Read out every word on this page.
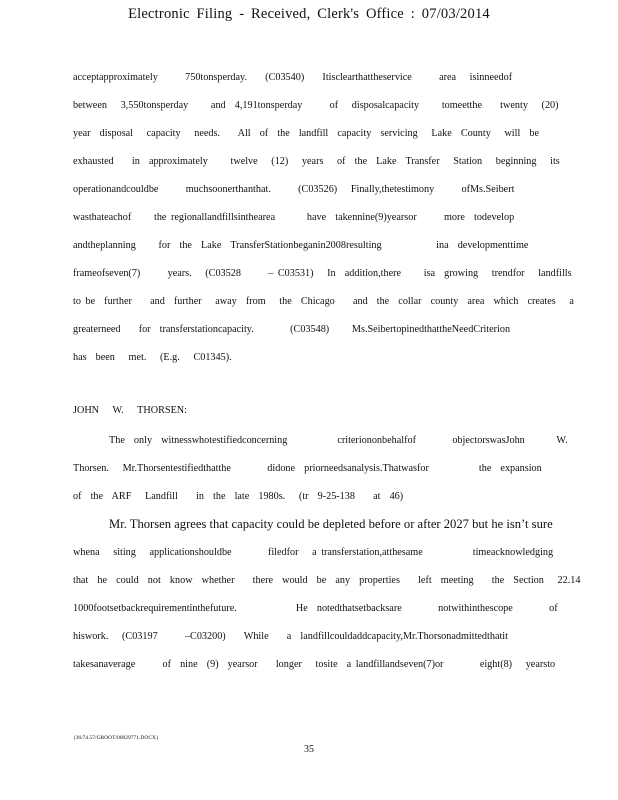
Electronic Filing - Received, Clerk's Office : 07/03/2014
acceptapproximately      750tonsperday.    (C03540)    Itisclearthattheservice      area   isinneedof
between   3,550tonsperday     and  4,191tonsperday      of   disposalcapacity     tomeetthe    twenty   (20)
year  disposal   capacity   needs.    All  of  the  landfill  capacity  servicing   Lake  County   will  be
exhausted    in  approximately     twelve   (12)   years   of  the  Lake  Transfer   Station   beginning   its
operationandcouldbe      muchsoonerthanthat.      (C03526)   Finally,thetestimony      ofMs.Seibert
wasthateachof     the regionallandfillsinthearea       have  takennine(9)yearsor      more  todevelop
andtheplanning     for  the  Lake  TransferStationbeganin2008resulting            ina  developmenttime
frameofseven(7)      years.   (C03528      – C03531)   In  addition,there     isa  growing   trendfor   landfills
to be  further    and  further   away  from   the  Chicago    and  the  collar  county  area  which  creates   a
greaterneed    for  transferstationcapacity.        (C03548)     Ms.SeibertopinedthattheNeedCriterion
has  been   met.   (E.g.   C01345).
JOHN   W.   THORSEN:
The  only  witnesswhotestifiedconcerning           criteriononbehalfof        objectorswasJohn       W.
Thorsen.   Mr.Thorsentestifiedthatthe        didone  priorneedsanalysis.Thatwasfor           the  expansion
of  the  ARF   Landfill    in  the  late  1980s.   (tr  9-25-138    at  46)
Mr. Thorsen agrees that capacity could be depleted before or after 2027 but he isn’t sure
whena   siting   applicationshouldbe        filedfor   a transferstation,atthesame           timeacknowledging
that  he  could  not  know  whether    there  would  be  any  properties    left  meeting    the  Section   22.14
1000footsetbackrequirementinthefuture.             He  notedthatsetbacksare        notwithinthescope        of
hiswork.   (C03197      –C03200)    While    a  landfillcouldaddcapacity,Mr.Thorsonadmittedthatit
takesanaverage      of  nine  (9)  yearsor    longer   tosite  a landfillandseven(7)or        eight(8)   yearsto
{36/74.57/GROOT/00029771.DOCX}
35
